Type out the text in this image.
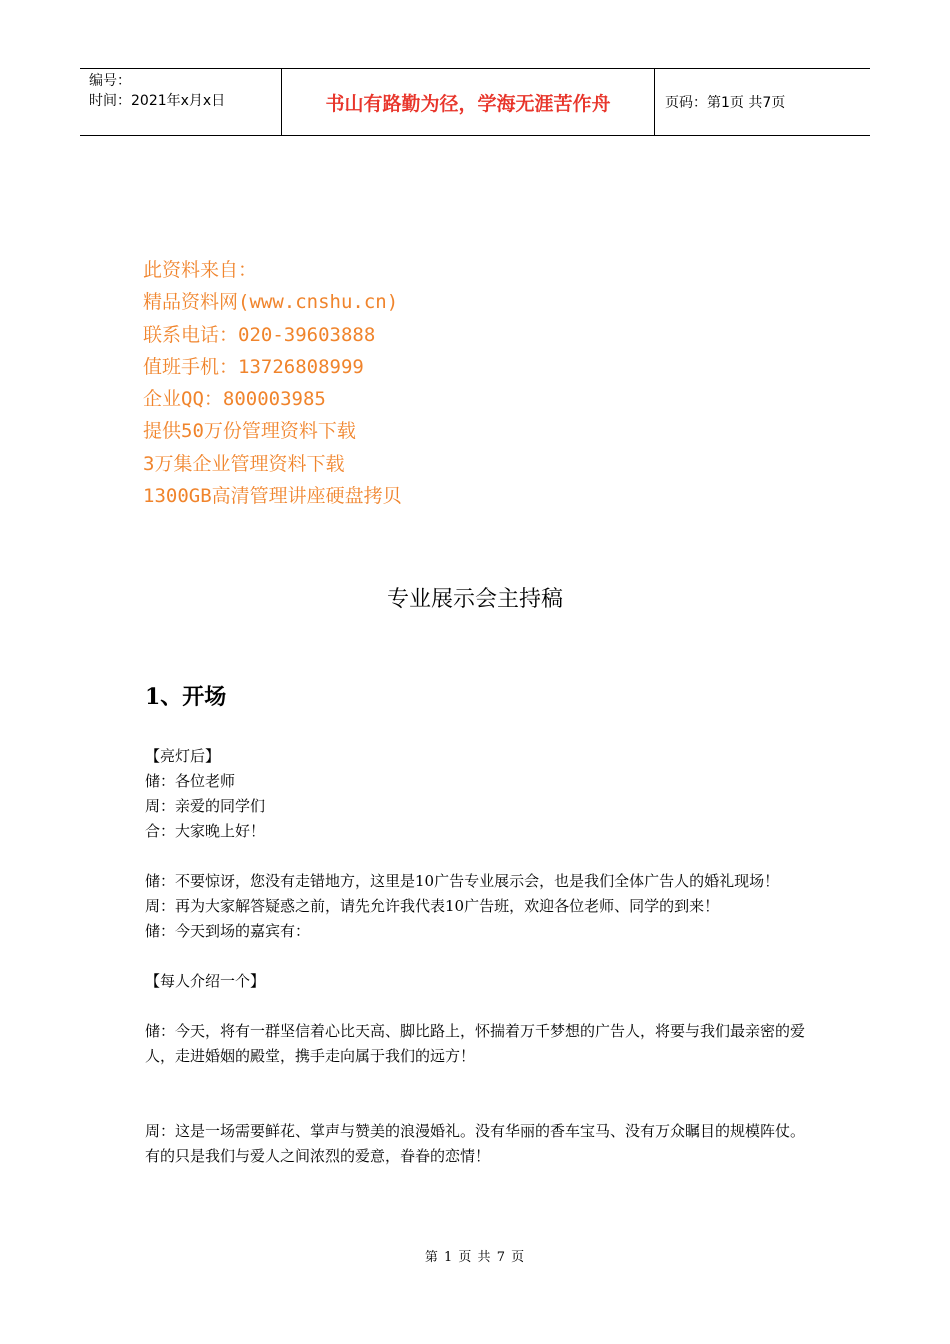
编号：
时间：2021年x月x日	书山有路勤为径，学海无涯苦作舟	页码：第1页 共7页
此资料来自：
精品资料网(www.cnshu.cn)
联系电话：020-39603888
值班手机：13726808999
企业QQ：800003985
提供50万份管理资料下载
3万集企业管理资料下载
1300GB高清管理讲座硬盘拷贝
专业展示会主持稿
1、开场

【亮灯后】

储：各位老师

周：亲爱的同学们

合：大家晚上好！

储：不要惊讶，您没有走错地方，这里是10广告专业展示会，也是我们全体广告人的婚礼现场！

周：再为大家解答疑惑之前，请先允许我代表10广告班，欢迎各位老师、同学的到来！

储：今天到场的嘉宾有：

【每人介绍一个】

储：今天，将有一群坚信着心比天高、脚比路上，怀揣着万千梦想的广告人，将要与我们最亲密的爱人，走进婚姻的殿堂，携手走向属于我们的远方！

周：这是一场需要鲜花、掌声与赞美的浪漫婚礼。没有华丽的香车宝马、没有万众瞩目的规模阵仗。有的只是我们与爱人之间浓烈的爱意，眷眷的恋情！

第 1 页 共 7 页
